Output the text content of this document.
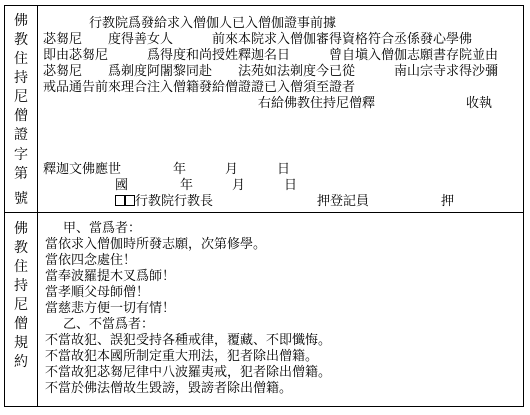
佛
教
住
持
尼
僧
證
字
第
號
行教院爲發給求入僧伽人已入僧伽證事前據
苾芻尼　　度得善女人　　　前來本院求入僧伽審得資格符合丞係發心學佛
即由苾芻尼　　　爲得度和尚授姓釋迦名日　　　曾自塡入僧伽志願書存院並由
苾芻尼　　爲剃度阿闍黎同赴　　法苑如法剃度今已從　　　南山宗寺求得沙彌
戒品通告前來理合注入僧籍發給僧證證已入僧須至證者
右給佛教住持尼僧釋　　　　　　　收執
釋迦文佛應世　　　　年　　　月　　　日
國　　　　年　　　月　　　日
行教院行教長	押登記員	押
佛
教
住
持
尼
僧
規
約
甲、當爲者：
當依求入僧伽時所發志願，次第修學。
當依四念處住！
當奉波羅提木叉爲師！
當孝順父母師僧！
當慈悲方便一切有情！
乙、不當爲者：
不當故犯、誤犯受持各種戒律，覆藏、不即懺悔。
不當故犯本國所制定重大刑法，犯者除出僧籍。
不當故犯苾芻尼律中八波羅夷戒，犯者除出僧籍。
不當於佛法僧故生毀謗，毀謗者除出僧籍。
